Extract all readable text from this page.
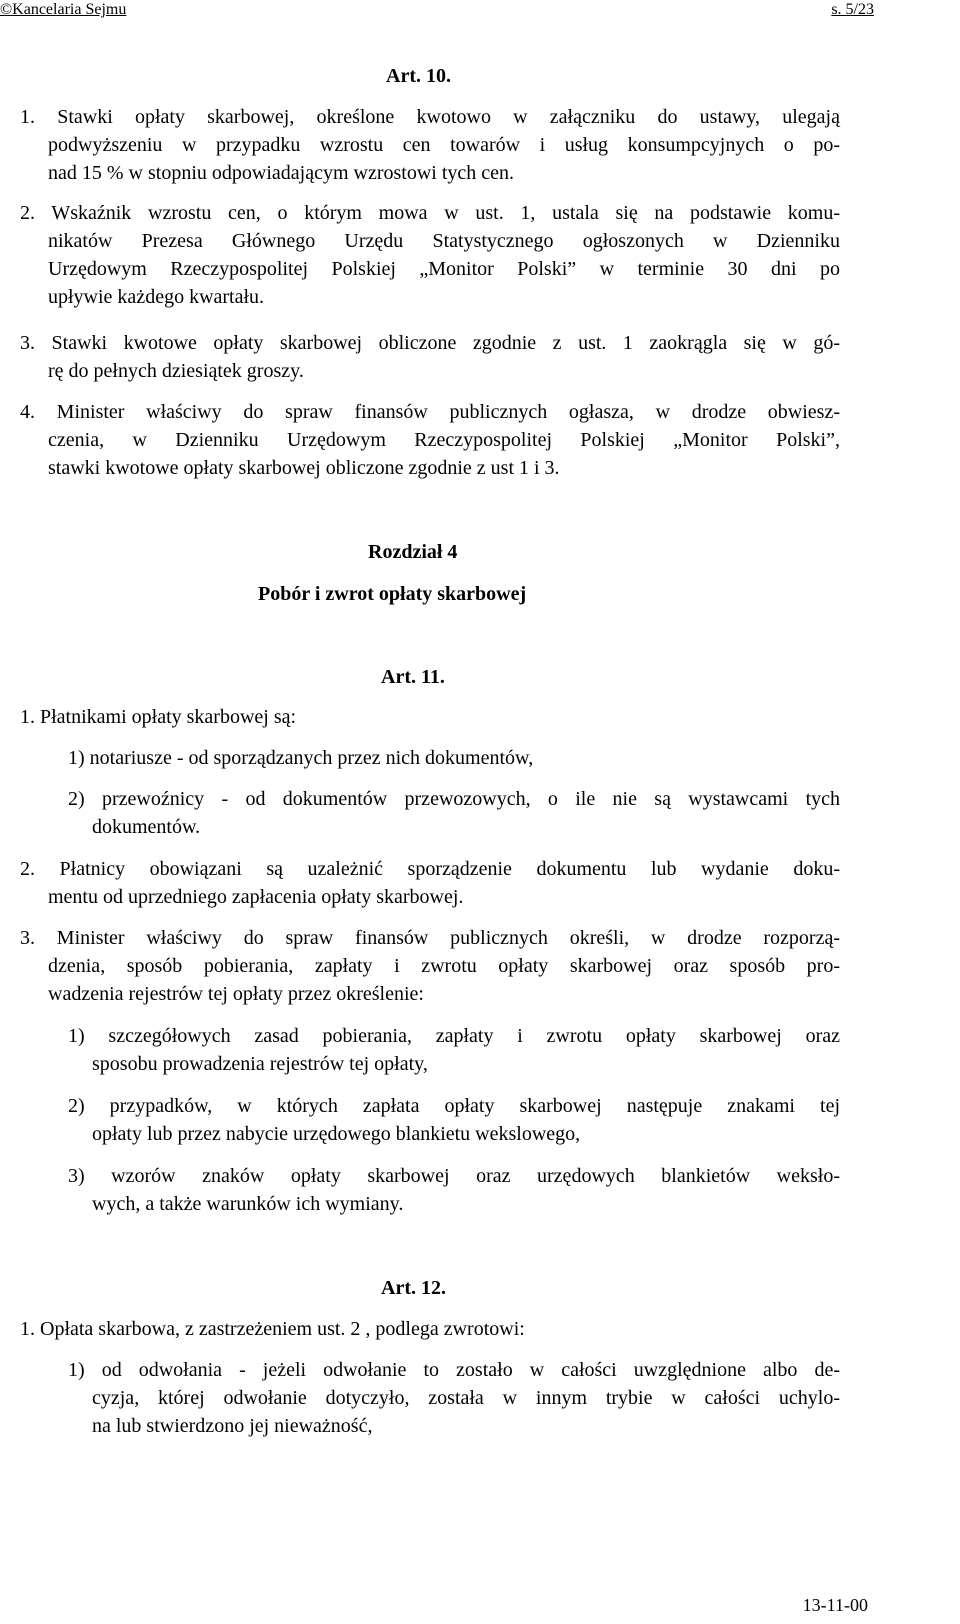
©Kancelaria Sejmu	s. 5/23
Art. 10.
1. Stawki opłaty skarbowej, określone kwotowo w załączniku do ustawy, ulegają
podwyższeniu w przypadku wzrostu cen towarów i usług konsumpcyjnych o po-
nad 15 % w stopniu odpowiadającym wzrostowi tych cen.
2. Wskaźnik wzrostu cen, o którym mowa w ust. 1, ustala się na podstawie komu-
nikatów Prezesa Głównego Urzędu Statystycznego ogłoszonych w Dzienniku
Urzędowym Rzeczypospolitej Polskiej „Monitor Polski” w terminie 30 dni po
upływie każdego kwartału.
3. Stawki kwotowe opłaty skarbowej obliczone zgodnie z ust. 1 zaokrągla się w gó-
rę do pełnych dziesiątek groszy.
4. Minister właściwy do spraw finansów publicznych ogłasza, w drodze obwiesz-
czenia, w Dzienniku Urzędowym Rzeczypospolitej Polskiej „Monitor Polski”,
stawki kwotowe opłaty skarbowej obliczone zgodnie z ust 1 i 3.
Rozdział 4
Pobór i zwrot opłaty skarbowej
Art. 11.
1. Płatnikami opłaty skarbowej są:
1) notariusze - od sporządzanych przez nich dokumentów,
2) przewoźnicy - od dokumentów przewozowych, o ile nie są wystawcami tych
dokumentów.
2. Płatnicy obowiązani są uzależnić sporządzenie dokumentu lub wydanie doku-
mentu od uprzedniego zapłacenia opłaty skarbowej.
3. Minister właściwy do spraw finansów publicznych określi, w drodze rozporzą-
dzenia, sposób pobierania, zapłaty i zwrotu opłaty skarbowej oraz sposób pro-
wadzenia rejestrów tej opłaty przez określenie:
1) szczegółowych zasad pobierania, zapłaty i zwrotu opłaty skarbowej oraz
sposobu prowadzenia rejestrów tej opłaty,
2) przypadków, w których zapłata opłaty skarbowej następuje znakami tej
opłaty lub przez nabycie urzędowego blankietu wekslowego,
3) wzorów znaków opłaty skarbowej oraz urzędowych blankietów weksło-
wych, a także warunków ich wymiany.
Art. 12.
1. Opłata skarbowa, z zastrzeżeniem ust. 2 , podlega zwrotowi:
1) od odwołania - jeżeli odwołanie to zostało w całości uwzględnione albo de-
cyzja, której odwołanie dotyczyło, została w innym trybie w całości uchylo-
na lub stwierdzono jej nieważność,
13-11-00
